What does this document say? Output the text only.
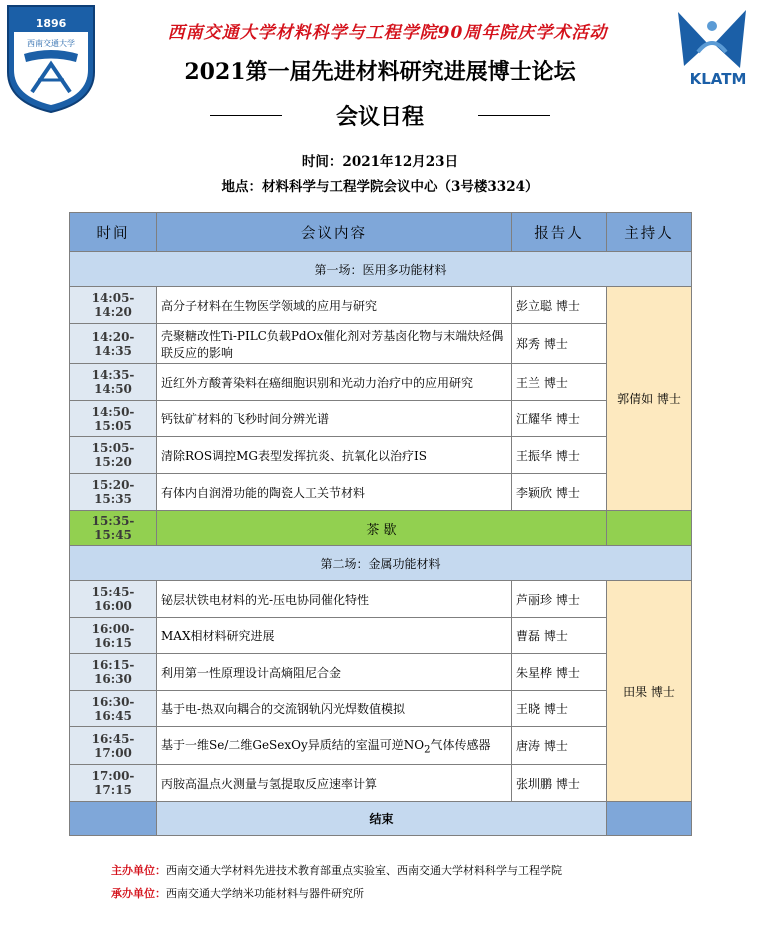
1896
西南交通大学
KLATM
西南交通大学材料科学与工程学院90周年院庆学术活动
2021第一届先进材料研究进展博士论坛
会议日程
时间：2021年12月23日
地点：材料科学与工程学院会议中心（3号楼3324）
时间	会议内容	报告人	主持人
第一场：医用多功能材料			
14:05-14:20	高分子材料在生物医学领域的应用与研究	彭立聪 博士	郭倩如 博士
14:20-14:35	壳聚糖改性Ti-PILC负载PdOx催化剂对芳基卤化物与末端炔烃偶联反应的影响	郑秀 博士	
14:35-14:50	近红外方酸菁染料在癌细胞识别和光动力治疗中的应用研究	王兰 博士	
14:50-15:05	钙钛矿材料的飞秒时间分辨光谱	江耀华 博士	
15:05-15:20	清除ROS调控MG表型发挥抗炎、抗氧化以治疗IS	王振华 博士	
15:20-15:35	有体内自润滑功能的陶瓷人工关节材料	李颖欣 博士	
15:35-15:45	茶 歇		
第二场：金属功能材料			
15:45-16:00	铋层状铁电材料的光-压电协同催化特性	芦丽珍 博士	田果 博士
16:00-16:15	MAX相材料研究进展	曹磊 博士	
16:15-16:30	利用第一性原理设计高熵阻尼合金	朱星桦 博士	
16:30-16:45	基于电-热双向耦合的交流钢轨闪光焊数值模拟	王晓 博士	
16:45-17:00	基于一维Se/二维GeSexOy异质结的室温可逆$NO_2$气体传感器	唐涛 博士	
17:00-17:15	丙胺高温点火测量与氢提取反应速率计算	张圳鹏 博士	
	结束		
主办单位：西南交通大学材料先进技术教育部重点实验室、西南交通大学材料科学与工程学院
承办单位：西南交通大学纳米功能材料与器件研究所
